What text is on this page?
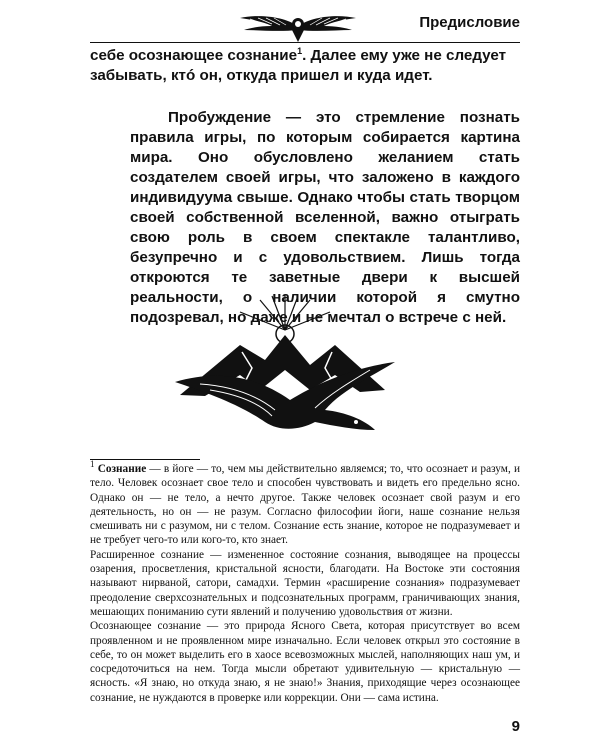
Предисловие

себе осознающее сознание$^1$. Далее ему уже не следует забывать, ктó он, откуда пришел и куда идет.

Пробуждение — это стремление познать правила игры, по которым собирается картина мира. Оно обусловлено желанием стать создателем своей игры, что заложено в каждого индивидуума свыше. Однако чтобы стать творцом своей собственной вселенной, важно отыграть свою роль в своем спектакле талантливо, безупречно и с удовольствием. Лишь тогда откроются те заветные двери к высшей реальности, о наличии которой я смутно подозревал, но даже и не мечтал о встрече с ней.

$^1$ Сознание — в йоге — то, чем мы действительно являемся; то, что осознает и разум, и тело. Человек осознает свое тело и способен чувствовать и видеть его предельно ясно. Однако он — не тело, а нечто другое. Также человек осознает свой разум и его деятельность, но он — не разум. Согласно философии йоги, наше сознание нельзя смешивать ни с разумом, ни с телом. Сознание есть знание, которое не подразумевает и не требует чего-то или кого-то, кто знает.

Расширенное сознание — измененное состояние сознания, выводящее на процессы озарения, просветления, кристальной ясности, благодати. На Востоке эти состояния называют нирваной, сатори, самадхи. Термин «расширение сознания» подразумевает преодоление сверхсознательных и подсознательных программ, граничивающих знания, мешающих пониманию сути явлений и получению удовольствия от жизни.

Осознающее сознание — это природа Ясного Света, которая присутствует во всем проявленном и не проявленном мире изначально. Если человек открыл это состояние в себе, то он может выделить его в хаосе всевозможных мыслей, наполняющих наш ум, и сосредоточиться на нем. Тогда мысли обретают удивительную — кристальную — ясность. «Я знаю, но откуда знаю, я не знаю!» Знания, приходящие через осознающее сознание, не нуждаются в проверке или коррекции. Они — сама истина.

9
